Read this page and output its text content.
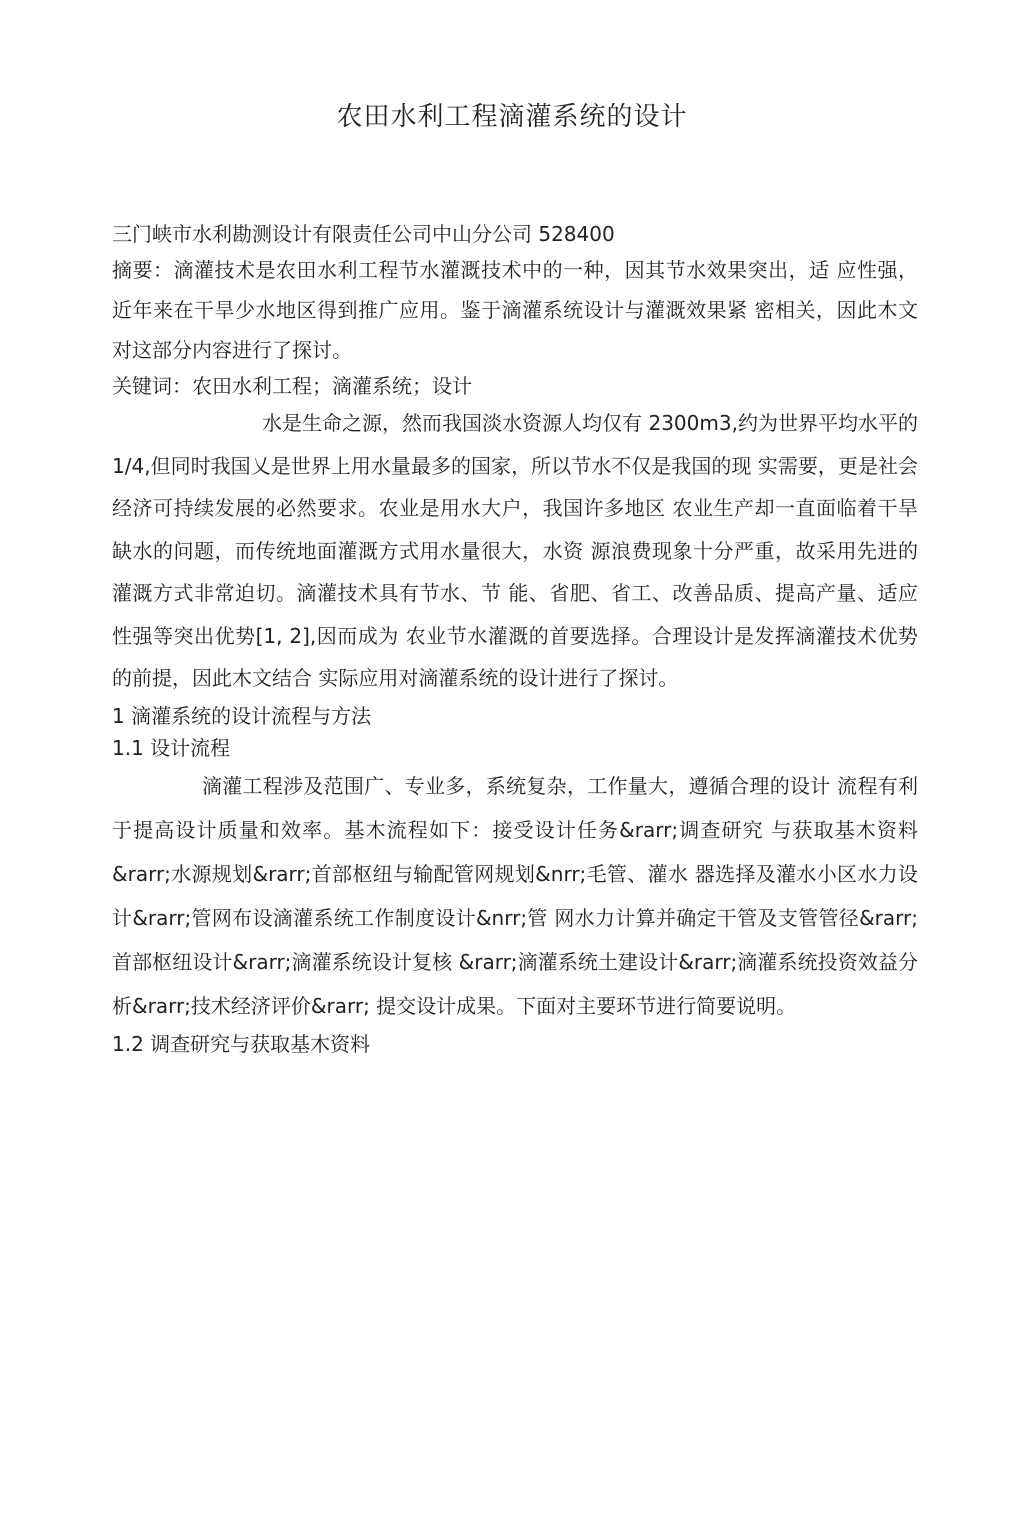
农田水利工程滴灌系统的设计

三门峡市水利勘测设计有限责任公司中山分公司 528400

摘要：滴灌技术是农田水利工程节水灌溉技术中的一种，因其节水效果突出，适 应性强，近年来在干旱少水地区得到推广应用。鉴于滴灌系统设计与灌溉效果紧 密相关，因此木文对这部分内容进行了探讨。

关键词：农田水利工程；滴灌系统；设计

水是生命之源，然而我国淡水资源人均仅有 2300m3,约为世界平均水平的 1/4,但同时我国乂是世界上用水量最多的国家，所以节水不仅是我国的现 实需要，更是社会经济可持续发展的必然要求。农业是用水大户，我国许多地区 农业生产却一直面临着干旱缺水的问题，而传统地面灌溉方式用水量很大，水资 源浪费现象十分严重，故采用先进的灌溉方式非常迫切。滴灌技术具有节水、节 能、省肥、省工、改善品质、提高产量、适应性强等突出优势[1, 2],因而成为 农业节水灌溉的首要选择。合理设计是发挥滴灌技术优势的前提，因此木文结合 实际应用对滴灌系统的设计进行了探讨。

1 滴灌系统的设计流程与方法

1.1 设计流程

滴灌工程涉及范围广、专业多，系统复杂，工作量大，遵循合理的设计 流程有利于提高设计质量和效率。基木流程如下：接受设计任务&rarr;调查研究 与获取基木资料&rarr;水源规划&rarr;首部枢纽与输配管网规划&nrr;毛管、灌水 器选择及灌水小区水力设计&rarr;管网布设滴灌系统工作制度设计&nrr;管 网水力计算并确定干管及支管管径&rarr;首部枢纽设计&rarr;滴灌系统设计复核 &rarr;滴灌系统土建设计&rarr;滴灌系统投资效益分析&rarr;技术经济评价&rarr; 提交设计成果。下面对主要环节进行简要说明。

1.2 调查研究与获取基木资料
